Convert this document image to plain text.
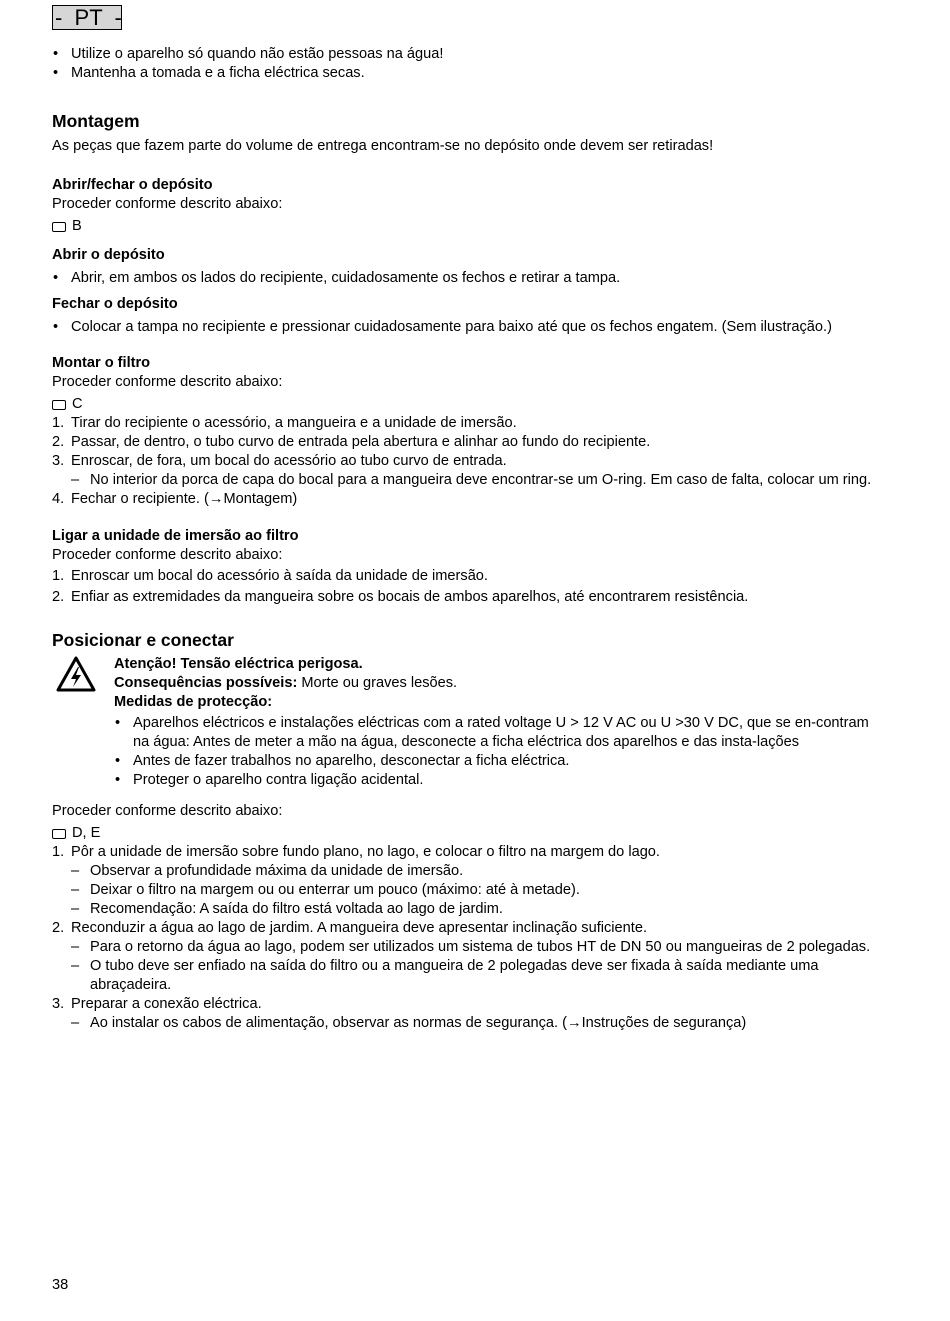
-  PT  -
• Utilize o aparelho só quando não estão pessoas na água!
• Mantenha a tomada e a ficha eléctrica secas.
Montagem

As peças que fazem parte do volume de entrega encontram-se no depósito onde devem ser retiradas!

Abrir/fechar o depósito

Proceder conforme descrito abaixo:

B
Abrir o depósito
• Abrir, em ambos os lados do recipiente, cuidadosamente os fechos e retirar a tampa.
Fechar o depósito
• Colocar a tampa no recipiente e pressionar cuidadosamente para baixo até que os fechos engatem. (Sem ilustração.)
Montar o filtro

Proceder conforme descrito abaixo:

C
1. Tirar do recipiente o acessório, a mangueira e a unidade de imersão.
2. Passar, de dentro, o tubo curvo de entrada pela abertura e alinhar ao fundo do recipiente.
3. Enroscar, de fora, um bocal do acessório ao tubo curvo de entrada.
– No interior da porca de capa do bocal para a mangueira deve encontrar-se um O-ring. Em caso de falta, colocar um ring.
4. Fechar o recipiente. (→Montagem)
Ligar a unidade de imersão ao filtro

Proceder conforme descrito abaixo:

1. Enroscar um bocal do acessório à saída da unidade de imersão.
2. Enfiar as extremidades da mangueira sobre os bocais de ambos aparelhos, até encontrarem resistência.
Posicionar e conectar

Atenção! Tensão eléctrica perigosa.

Consequências possíveis: Morte ou graves lesões.

Medidas de protecção:

• Aparelhos eléctricos e instalações eléctricas com a rated voltage U > 12 V AC ou U >30 V DC, que se en-contram na água: Antes de meter a mão na água, desconecte a ficha eléctrica dos aparelhos e das insta-lações
• Antes de fazer trabalhos no aparelho, desconectar a ficha eléctrica.
• Proteger o aparelho contra ligação acidental.

Proceder conforme descrito abaixo:

D, E
1. Pôr a unidade de imersão sobre fundo plano, no lago, e colocar o filtro na margem do lago.
– Observar a profundidade máxima da unidade de imersão.
– Deixar o filtro na margem ou ou enterrar um pouco (máximo: até à metade).
– Recomendação: A saída do filtro está voltada ao lago de jardim.
2. Reconduzir a água ao lago de jardim. A mangueira deve apresentar inclinação suficiente.
– Para o retorno da água ao lago, podem ser utilizados um sistema de tubos HT de DN 50 ou mangueiras de 2 polegadas.
– O tubo deve ser enfiado na saída do filtro ou a mangueira de 2 polegadas deve ser fixada à saída mediante uma abraçadeira.
3. Preparar a conexão eléctrica.
– Ao instalar os cabos de alimentação, observar as normas de segurança. (→Instruções de segurança)
38
